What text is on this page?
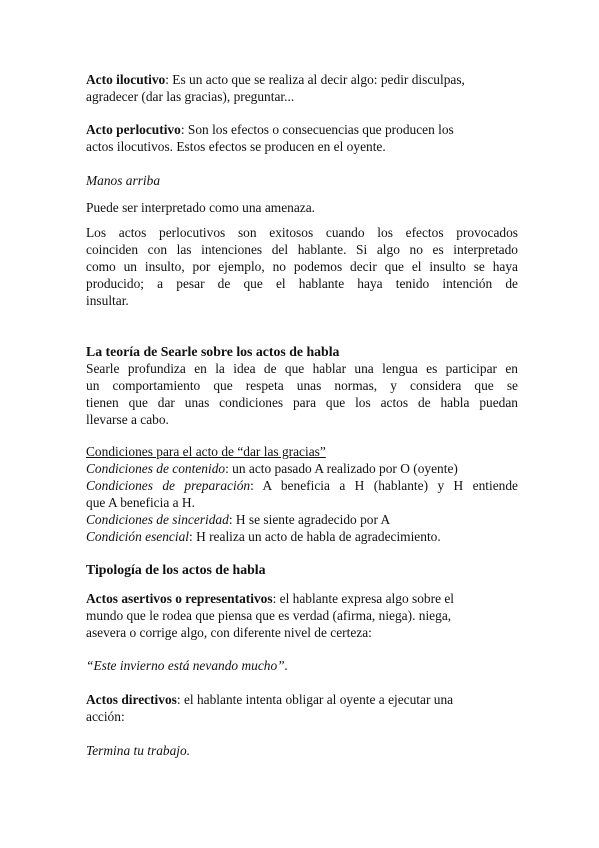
Acto ilocutivo: Es un acto que se realiza al decir algo: pedir disculpas,
agradecer (dar las gracias), preguntar...
Acto perlocutivo: Son los efectos o consecuencias que producen los
actos ilocutivos. Estos efectos se producen en el oyente.
Manos arriba
Puede ser interpretado como una amenaza.
Los actos perlocutivos son exitosos cuando los efectos provocados
coinciden con las intenciones del hablante. Si algo no es interpretado
como un insulto, por ejemplo, no podemos decir que el insulto se haya
producido; a pesar de que el hablante haya tenido intención de
insultar.
La teoría de Searle sobre los actos de habla
Searle profundiza en la idea de que hablar una lengua es participar en
un comportamiento que respeta unas normas, y considera que se
tienen que dar unas condiciones para que los actos de habla puedan
llevarse a cabo.
Condiciones para el acto de “dar las gracias”
Condiciones de contenido: un acto pasado A realizado por O (oyente)
Condiciones de preparación: A beneficia a H (hablante) y H entiende
que A beneficia a H.
Condiciones de sinceridad: H se siente agradecido por A
Condición esencial: H realiza un acto de habla de agradecimiento.
Tipología de los actos de habla
Actos asertivos o representativos: el hablante expresa algo sobre el
mundo que le rodea que piensa que es verdad (afirma, niega). niega,
asevera o corrige algo, con diferente nivel de certeza:
“Este invierno está nevando mucho”.
Actos directivos: el hablante intenta obligar al oyente a ejecutar una
acción:
Termina tu trabajo.
